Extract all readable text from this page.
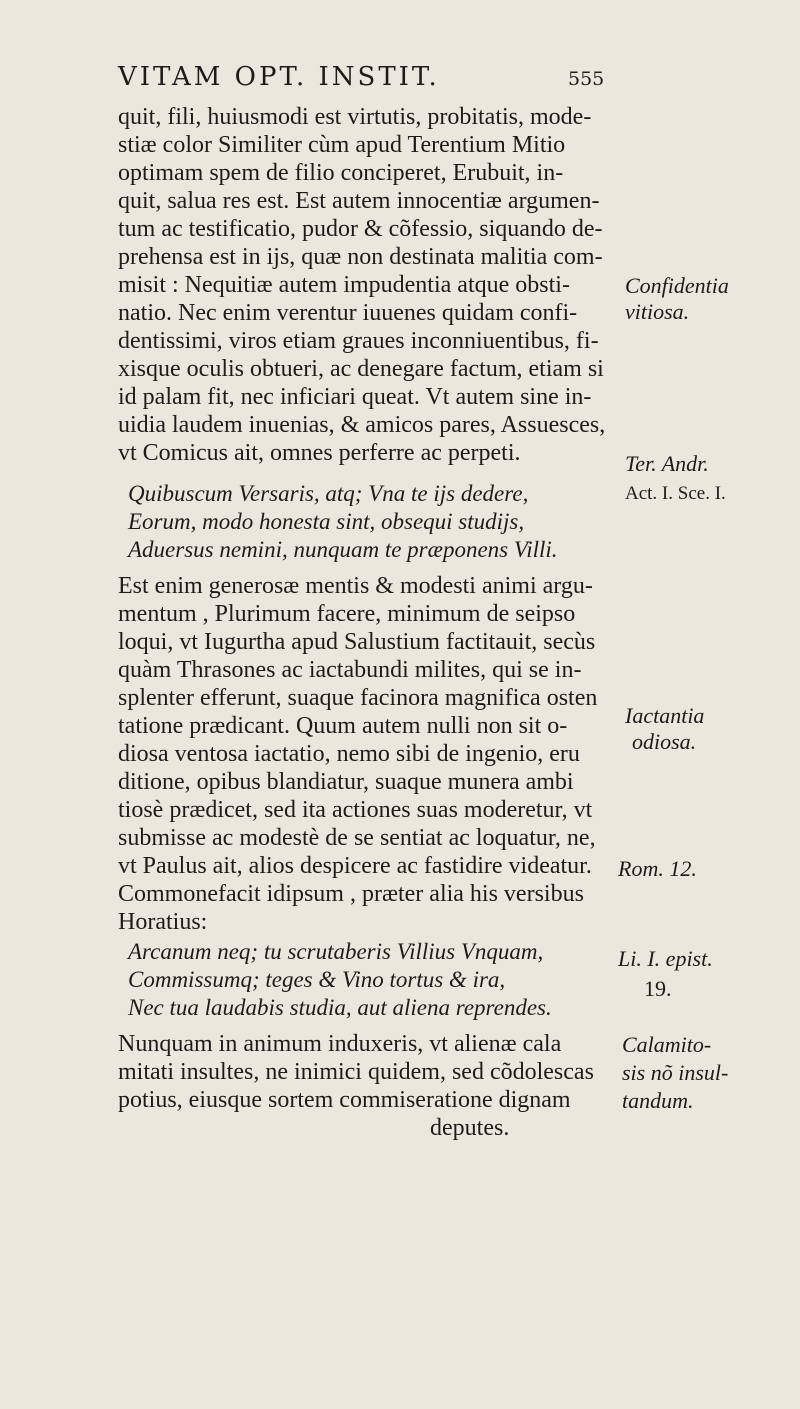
VITAM OPT. INSTIT.	555
quit, fili, huiusmodi est virtutis, probitatis, mode-
stiæ color Similiter cùm apud Terentium Mitio
optimam spem de filio conciperet, Erubuit, in-
quit, salua res est. Est autem innocentiæ argumen-
tum ac testificatio, pudor & cõfessio, siquando de-
prehensa est in ijs, quæ non destinata malitia com-
misit : Nequitiæ autem impudentia atque obsti-
natio. Nec enim verentur iuuenes quidam confi-
dentissimi, viros etiam graues inconniuentibus, fi-
xisque oculis obtueri, ac denegare factum, etiam si
id palam fit, nec inficiari queat. Vt autem sine in-
uidia laudem inuenias, & amicos pares, Assuesces,
vt Comicus ait, omnes perferre ac perpeti.
Quibuscum Versaris, atq; Vna te ijs dedere,
Eorum, modo honesta sint, obsequi studijs,
Aduersus nemini, nunquam te præponens Villi.
Est enim generosæ mentis & modesti animi argu-
mentum , Plurimum facere, minimum de seipso
loqui, vt Iugurtha apud Salustium factitauit, secùs
quàm Thrasones ac iactabundi milites, qui se in-
splenter efferunt, suaque facinora magnifica osten
tatione prædicant. Quum autem nulli non sit o-
diosa ventosa iactatio, nemo sibi de ingenio, eru
ditione, opibus blandiatur, suaque munera ambi
tiosè prædicet, sed ita actiones suas moderetur, vt
submisse ac modestè de se sentiat ac loquatur, ne,
vt Paulus ait, alios despicere ac fastidire videatur.
Commonefacit idipsum , præter alia his versibus
Horatius:
Arcanum neq; tu scrutaberis Villius Vnquam,
Commissumq; teges & Vino tortus & ira,
Nec tua laudabis studia, aut aliena reprendes.
Nunquam in animum induxeris, vt alienæ cala
mitati insultes, ne inimici quidem, sed cõdolescas
potius, eiusque sortem commiseratione dignam
deputes.
Confidentia
vitiosa.
Ter. Andr.
Act. I. Sce. I.
Iactantia
odiosa.
Rom. 12.
Li. I. epist.
19.
Calamito-
sis nõ insul-
tandum.
